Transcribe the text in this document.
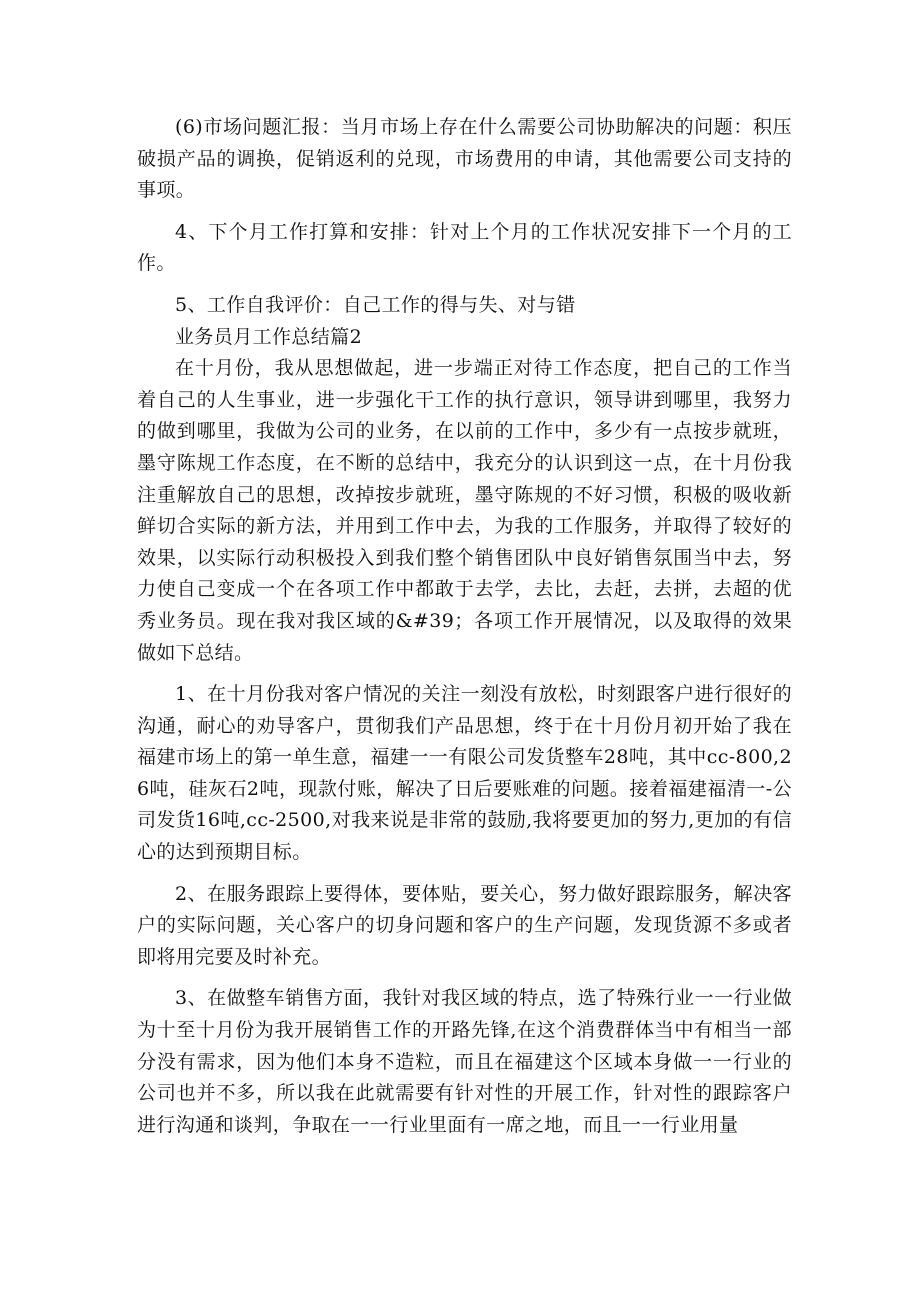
(6)市场问题汇报：当月市场上存在什么需要公司协助解决的问题：积压破损产品的调换，促销返利的兑现，市场费用的申请，其他需要公司支持的事项。

4、下个月工作打算和安排：针对上个月的工作状况安排下一个月的工作。

5、工作自我评价：自己工作的得与失、对与错

业务员月工作总结篇2

在十月份，我从思想做起，进一步端正对待工作态度，把自己的工作当着自己的人生事业，进一步强化干工作的执行意识，领导讲到哪里，我努力的做到哪里，我做为公司的业务，在以前的工作中，多少有一点按步就班，墨守陈规工作态度，在不断的总结中，我充分的认识到这一点，在十月份我注重解放自己的思想，改掉按步就班，墨守陈规的不好习惯，积极的吸收新鲜切合实际的新方法，并用到工作中去，为我的工作服务，并取得了较好的效果，以实际行动积极投入到我们整个销售团队中良好销售氛围当中去，努力使自己变成一个在各项工作中都敢于去学，去比，去赶，去拼，去超的优秀业务员。现在我对我区域的&#39；各项工作开展情况，以及取得的效果做如下总结。

1、在十月份我对客户情况的关注一刻没有放松，时刻跟客户进行很好的沟通，耐心的劝导客户，贯彻我们产品思想，终于在十月份月初开始了我在福建市场上的第一单生意，福建一一有限公司发货整车28吨，其中cc-800,26吨，硅灰石2吨，现款付账，解决了日后要账难的问题。接着福建福清一-公司发货16吨,cc-2500,对我来说是非常的鼓励,我将要更加的努力,更加的有信心的达到预期目标。

2、在服务跟踪上要得体，要体贴，要关心，努力做好跟踪服务，解决客户的实际问题，关心客户的切身问题和客户的生产问题，发现货源不多或者即将用完要及时补充。

3、在做整车销售方面，我针对我区域的特点，选了特殊行业一一行业做为十至十月份为我开展销售工作的开路先锋,在这个消费群体当中有相当一部分没有需求，因为他们本身不造粒，而且在福建这个区域本身做一一行业的公司也并不多，所以我在此就需要有针对性的开展工作，针对性的跟踪客户进行沟通和谈判，争取在一一行业里面有一席之地，而且一一行业用量
